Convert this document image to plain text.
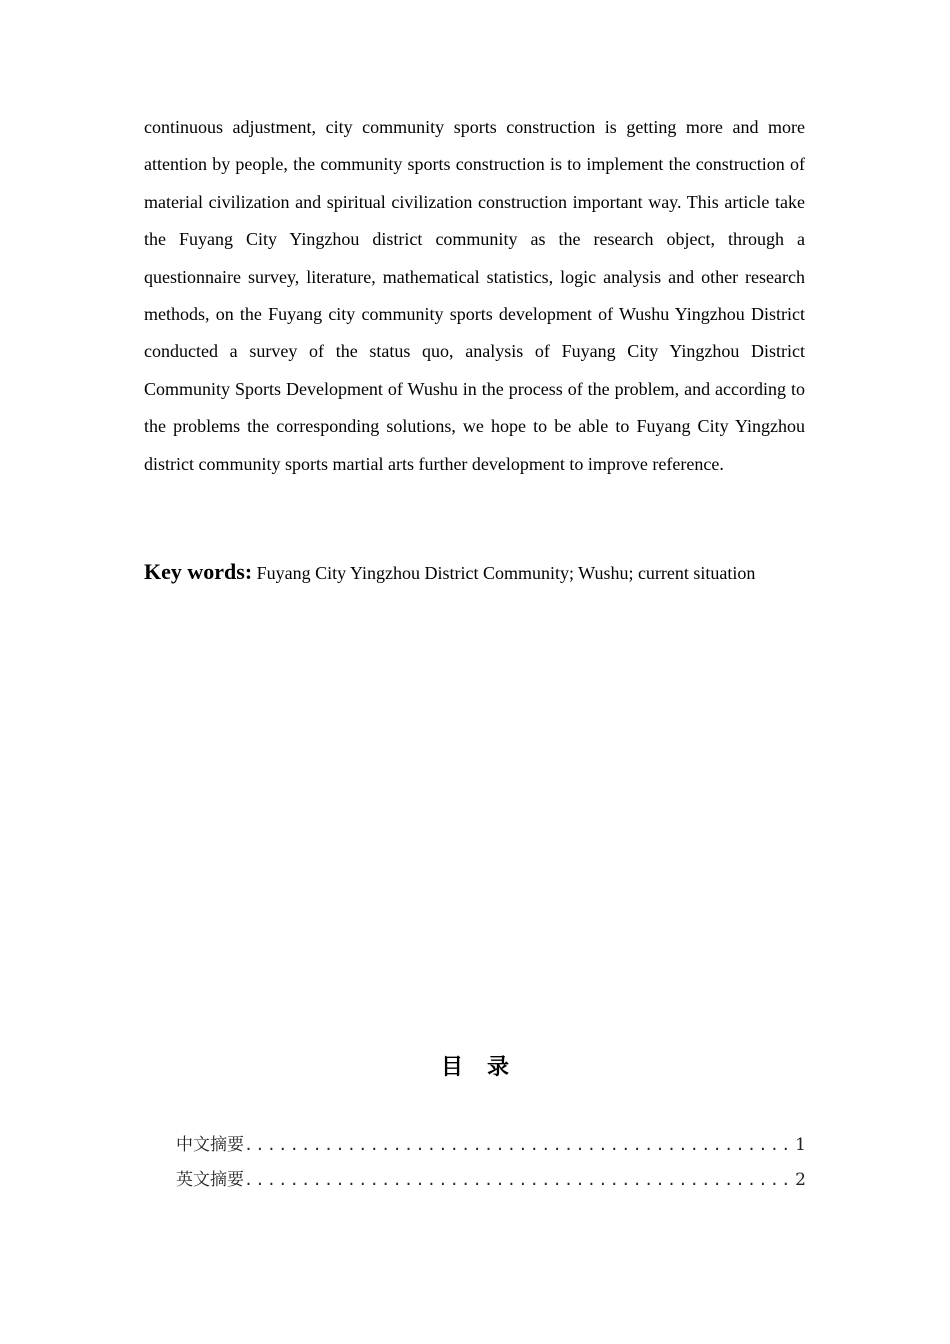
continuous adjustment, city community sports construction is getting more and more attention by people, the community sports construction is to implement the construction of material civilization and spiritual civilization construction important way. This article take the Fuyang City Yingzhou district community as the research object, through a questionnaire survey, literature, mathematical statistics, logic analysis and other research methods, on the Fuyang city community sports development of Wushu Yingzhou District conducted a survey of the status quo, analysis of Fuyang City Yingzhou District Community Sports Development of Wushu in the process of the problem, and according to the problems the corresponding solutions, we hope to be able to Fuyang City Yingzhou district community sports martial arts further development to improve reference.

Key words: Fuyang City Yingzhou District Community; Wushu; current situation

目录
中文摘要 .....	1
英文摘要 .....	2
